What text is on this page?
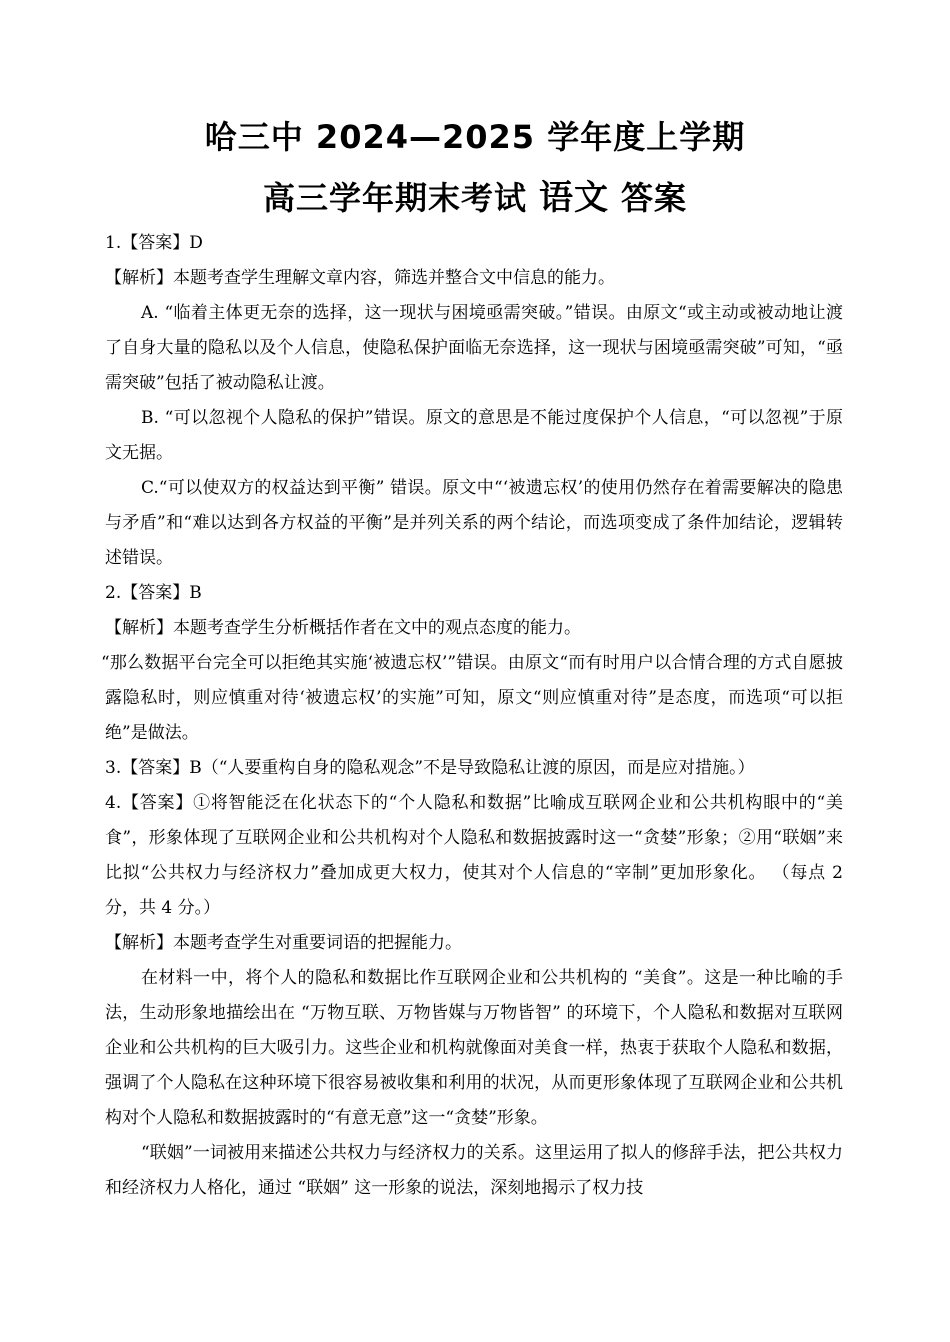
哈三中 2024—2025 学年度上学期
高三学年期末考试 语文 答案

1.【答案】D

【解析】本题考查学生理解文章内容，筛选并整合文中信息的能力。

A. “临着主体更无奈的选择，这一现状与困境亟需突破。”错误。由原文“或主动或被动地让渡了自身大量的隐私以及个人信息，使隐私保护面临无奈选择，这一现状与困境亟需突破”可知，“亟需突破”包括了被动隐私让渡。

B. “可以忽视个人隐私的保护”错误。原文的意思是不能过度保护个人信息，“可以忽视”于原文无据。

C.“可以使双方的权益达到平衡” 错误。原文中“‘被遗忘权’的使用仍然存在着需要解决的隐患与矛盾”和“难以达到各方权益的平衡”是并列关系的两个结论，而选项变成了条件加结论，逻辑转述错误。

2.【答案】B

【解析】本题考查学生分析概括作者在文中的观点态度的能力。

“那么数据平台完全可以拒绝其实施‘被遗忘权’”错误。由原文“而有时用户以合情合理的方式自愿披露隐私时，则应慎重对待‘被遗忘权’的实施”可知，原文“则应慎重对待”是态度，而选项“可以拒绝”是做法。

3.【答案】B（“人要重构自身的隐私观念”不是导致隐私让渡的原因，而是应对措施。）

4.【答案】①将智能泛在化状态下的“个人隐私和数据”比喻成互联网企业和公共机构眼中的“美食”，形象体现了互联网企业和公共机构对个人隐私和数据披露时这一“贪婪”形象；②用“联姻”来比拟“公共权力与经济权力”叠加成更大权力，使其对个人信息的“宰制”更加形象化。 （每点 2 分，共 4 分。）

【解析】本题考查学生对重要词语的把握能力。

在材料一中，将个人的隐私和数据比作互联网企业和公共机构的 “美食”。这是一种比喻的手法，生动形象地描绘出在 “万物互联、万物皆媒与万物皆智” 的环境下，个人隐私和数据对互联网企业和公共机构的巨大吸引力。这些企业和机构就像面对美食一样，热衷于获取个人隐私和数据，强调了个人隐私在这种环境下很容易被收集和利用的状况，从而更形象体现了互联网企业和公共机构对个人隐私和数据披露时的“有意无意”这一“贪婪”形象。

“联姻”一词被用来描述公共权力与经济权力的关系。这里运用了拟人的修辞手法，把公共权力和经济权力人格化，通过 “联姻” 这一形象的说法，深刻地揭示了权力技
